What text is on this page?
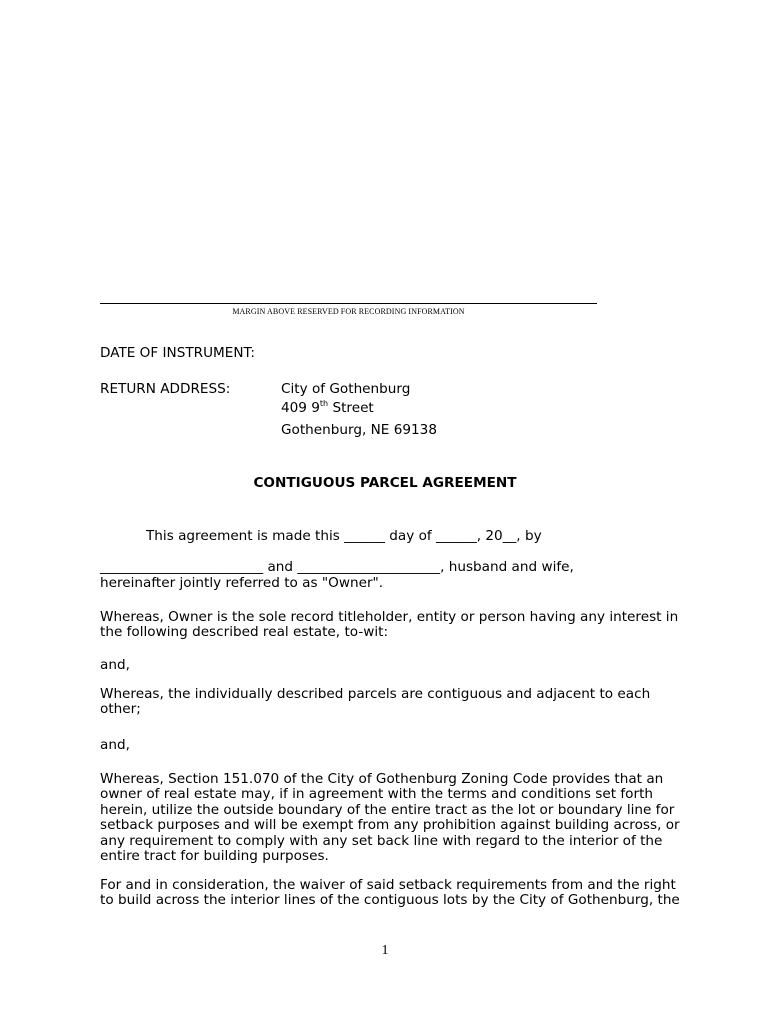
MARGIN ABOVE RESERVED FOR RECORDING INFORMATION
DATE OF INSTRUMENT:
RETURN ADDRESS:	City of Gothenburg
409 9th Street
Gothenburg, NE 69138
CONTIGUOUS PARCEL AGREEMENT
This agreement is made this ______ day of ______, 20__, by
________________________ and _____________________, husband and wife,
hereinafter jointly referred to as "Owner".
Whereas, Owner is the sole record titleholder, entity or person having any interest in the following described real estate, to-wit:
and,
Whereas, the individually described parcels are contiguous and adjacent to each other;
and,
Whereas, Section 151.070 of the City of Gothenburg Zoning Code provides that an owner of real estate may, if in agreement with the terms and conditions set forth herein, utilize the outside boundary of the entire tract as the lot or boundary line for setback purposes and will be exempt from any prohibition against building across, or any requirement to comply with any set back line with regard to the interior of the entire tract for building purposes.
For and in consideration, the waiver of said setback requirements from and the right to build across the interior lines of the contiguous lots by the City of Gothenburg, the
1
